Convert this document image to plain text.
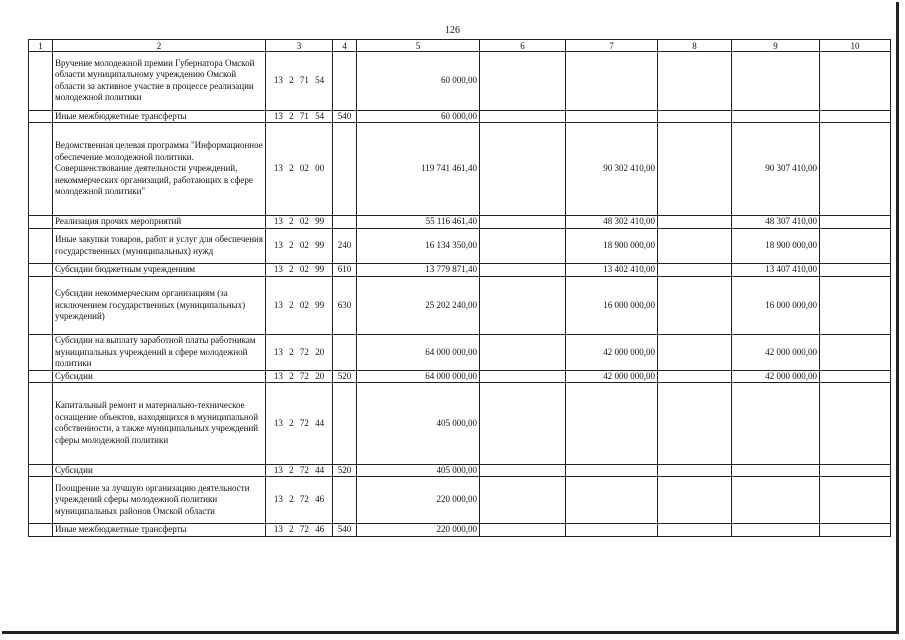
126
1	2	3	4	5	6	7	8	9	10
	Вручение молодежной премии Губернатора Омской области муниципальному учреждению Омской области за активное участие в процессе реализации молодежной политики	13 2 71 54		60 000,00					
	Иные межбюджетные трансферты	13 2 71 54	540	60 000,00					
	Ведомственная целевая программа "Информационное обеспечение молодежной политики. Совершенствование деятельности учреждений, некоммерческих организаций, работающих в сфере молодежной политики"	13 2 02 00		119 741 461,40		90 302 410,00		90 307 410,00	
	Реализация прочих мероприятий	13 2 02 99		55 116 461,40		48 302 410,00		48 307 410,00	
	Иные закупки товаров, работ и услуг для обеспечения государственных (муниципальных) нужд	13 2 02 99	240	16 134 350,00		18 900 000,00		18 900 000,00	
	Субсидии бюджетным учреждениям	13 2 02 99	610	13 779 871,40		13 402 410,00		13 407 410,00	
	Субсидии некоммерческим организациям (за исключением государственных (муниципальных) учреждений)	13 2 02 99	630	25 202 240,00		16 000 000,00		16 000 000,00	
	Субсидии на выплату заработной платы работникам муниципальных учреждений в сфере молодежной политики	13 2 72 20		64 000 000,00		42 000 000,00		42 000 000,00	
	Субсидии	13 2 72 20	520	64 000 000,00		42 000 000,00		42 000 000,00	
	Капитальный ремонт и материально-техническое оснащение объектов, находящихся в муниципальной собственности, а также муниципальных учреждений сферы молодежной политики	13 2 72 44		405 000,00					
	Субсидии	13 2 72 44	520	405 000,00					
	Поощрение за лучшую организацию деятельности учреждений сферы молодежной политики муниципальных районов Омской области	13 2 72 46		220 000,00					
	Иные межбюджетные трансферты	13 2 72 46	540	220 000,00					
